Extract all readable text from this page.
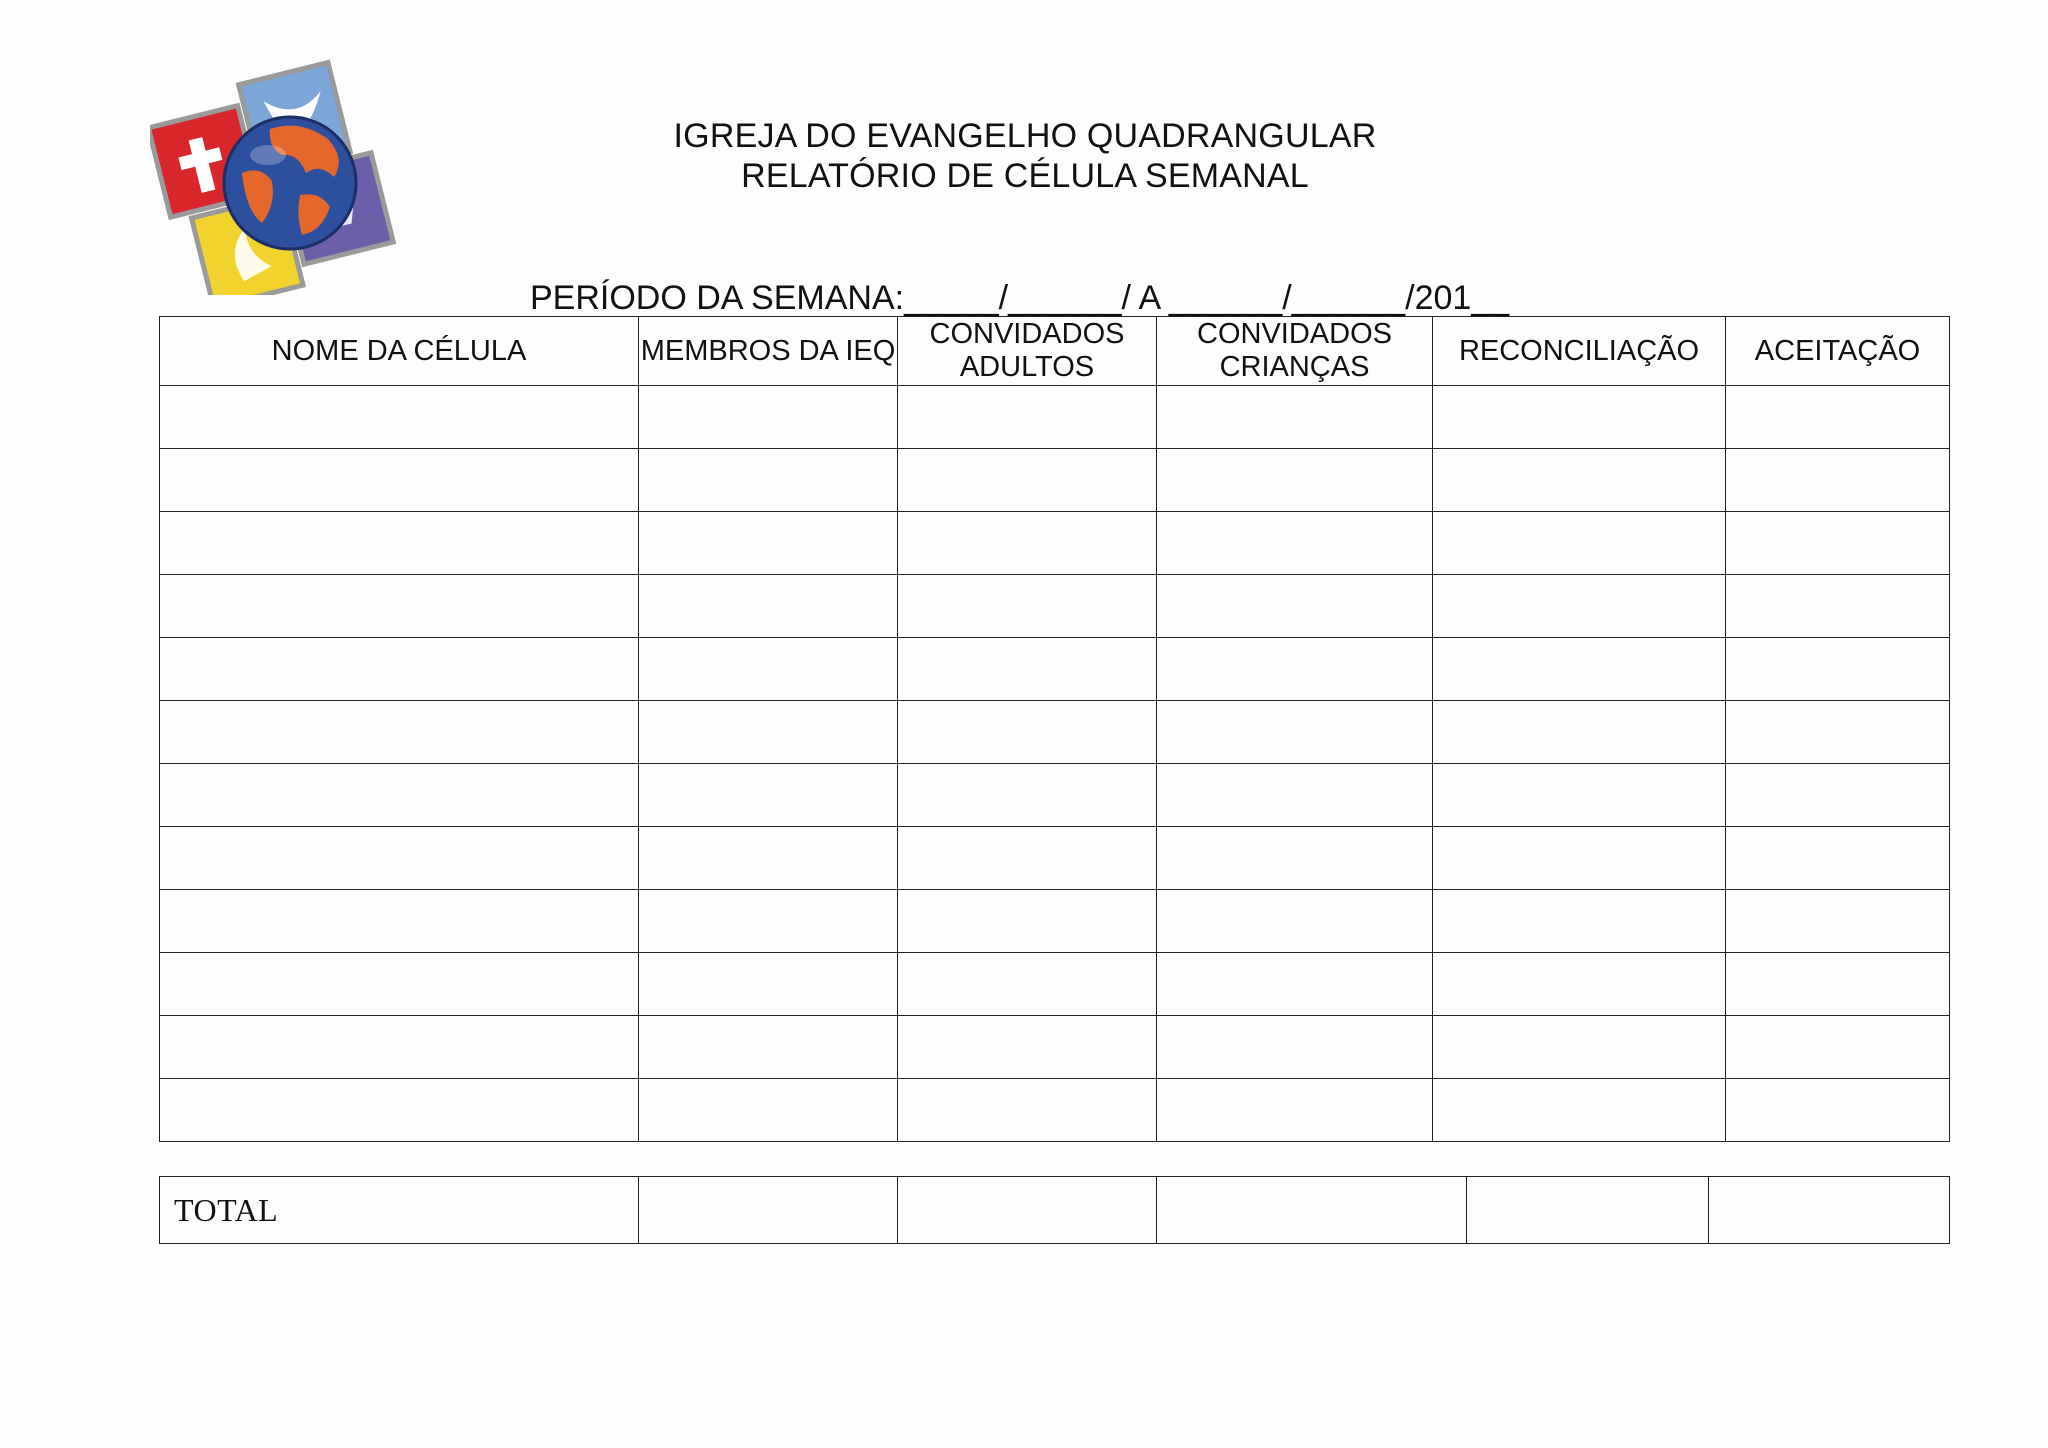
IGREJA DO EVANGELHO QUADRANGULAR
RELATÓRIO DE CÉLULA SEMANAL
PERÍODO DA SEMANA:_____/______/ A ______/______/201__
NOME DA CÉLULA	MEMBROS DA IEQ	CONVIDADOS ADULTOS	CONVIDADOS CRIANÇAS	RECONCILIAÇÃO	ACEITAÇÃO

TOTAL					
